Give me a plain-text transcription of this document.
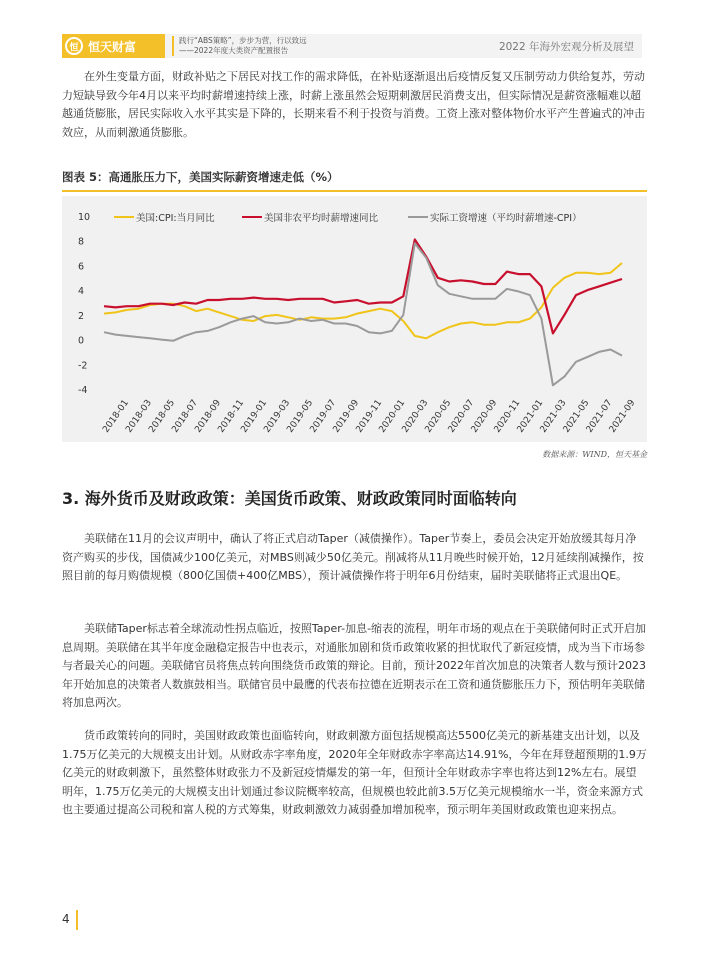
恒 恒天财富	践行“ABS策略”，步步为营，行以致远
——2022年度大类资产配置报告	2022 年海外宏观分析及展望

在外生变量方面，财政补贴之下居民对找工作的需求降低，在补贴逐渐退出后疫情反复又压制劳动力供给复苏，劳动力短缺导致今年4月以来平均时薪增速持续上涨，时薪上涨虽然会短期刺激居民消费支出，但实际情况是薪资涨幅难以超越通货膨胀，居民实际收入水平其实是下降的，长期来看不利于投资与消费。工资上涨对整体物价水平产生普遍式的冲击效应，从而刺激通货膨胀。

图表 5：高通胀压力下，美国实际薪资增速走低（%）
-4
-2
0
2
4
6
8
10
2018-01
2018-03
2018-05
2018-07
2018-09
2018-11
2019-01
2019-03
2019-05
2019-07
2019-09
2019-11
2020-01
2020-03
2020-05
2020-07
2020-09
2020-11
2021-01
2021-03
2021-05
2021-07
2021-09
美国:CPI:当月同比	美国非农平均时薪增速同比	实际工资增速（平均时薪增速-CPI）
数据来源：WIND，恒天基金
3. 海外货币及财政政策：美国货币政策、财政政策同时面临转向

美联储在11月的会议声明中，确认了将正式启动Taper（减债操作）。Taper节奏上，委员会决定开始放缓其每月净资产购买的步伐，国债减少100亿美元，对MBS则减少50亿美元。削减将从11月晚些时候开始，12月延续削减操作，按照目前的每月购债规模（800亿国债+400亿MBS），预计减债操作将于明年6月份结束，届时美联储将正式退出QE。

美联储Taper标志着全球流动性拐点临近，按照Taper-加息-缩表的流程，明年市场的观点在于美联储何时正式开启加息周期。美联储在其半年度金融稳定报告中也表示，对通胀加剧和货币政策收紧的担忧取代了新冠疫情，成为当下市场参与者最关心的问题。美联储官员将焦点转向围绕货币政策的辩论。目前，预计2022年首次加息的决策者人数与预计2023年开始加息的决策者人数旗鼓相当。联储官员中最鹰的代表布拉德在近期表示在工资和通货膨胀压力下，预估明年美联储将加息两次。

货币政策转向的同时，美国财政政策也面临转向，财政刺激方面包括规模高达5500亿美元的新基建支出计划，以及1.75万亿美元的大规模支出计划。从财政赤字率角度，2020年全年财政赤字率高达14.91%，今年在拜登超预期的1.9万亿美元的财政刺激下，虽然整体财政张力不及新冠疫情爆发的第一年，但预计全年财政赤字率也将达到12%左右。展望明年，1.75万亿美元的大规模支出计划通过参议院概率较高，但规模也较此前3.5万亿美元规模缩水一半，资金来源方式也主要通过提高公司税和富人税的方式筹集，财政刺激效力减弱叠加增加税率，预示明年美国财政政策也迎来拐点。

4
